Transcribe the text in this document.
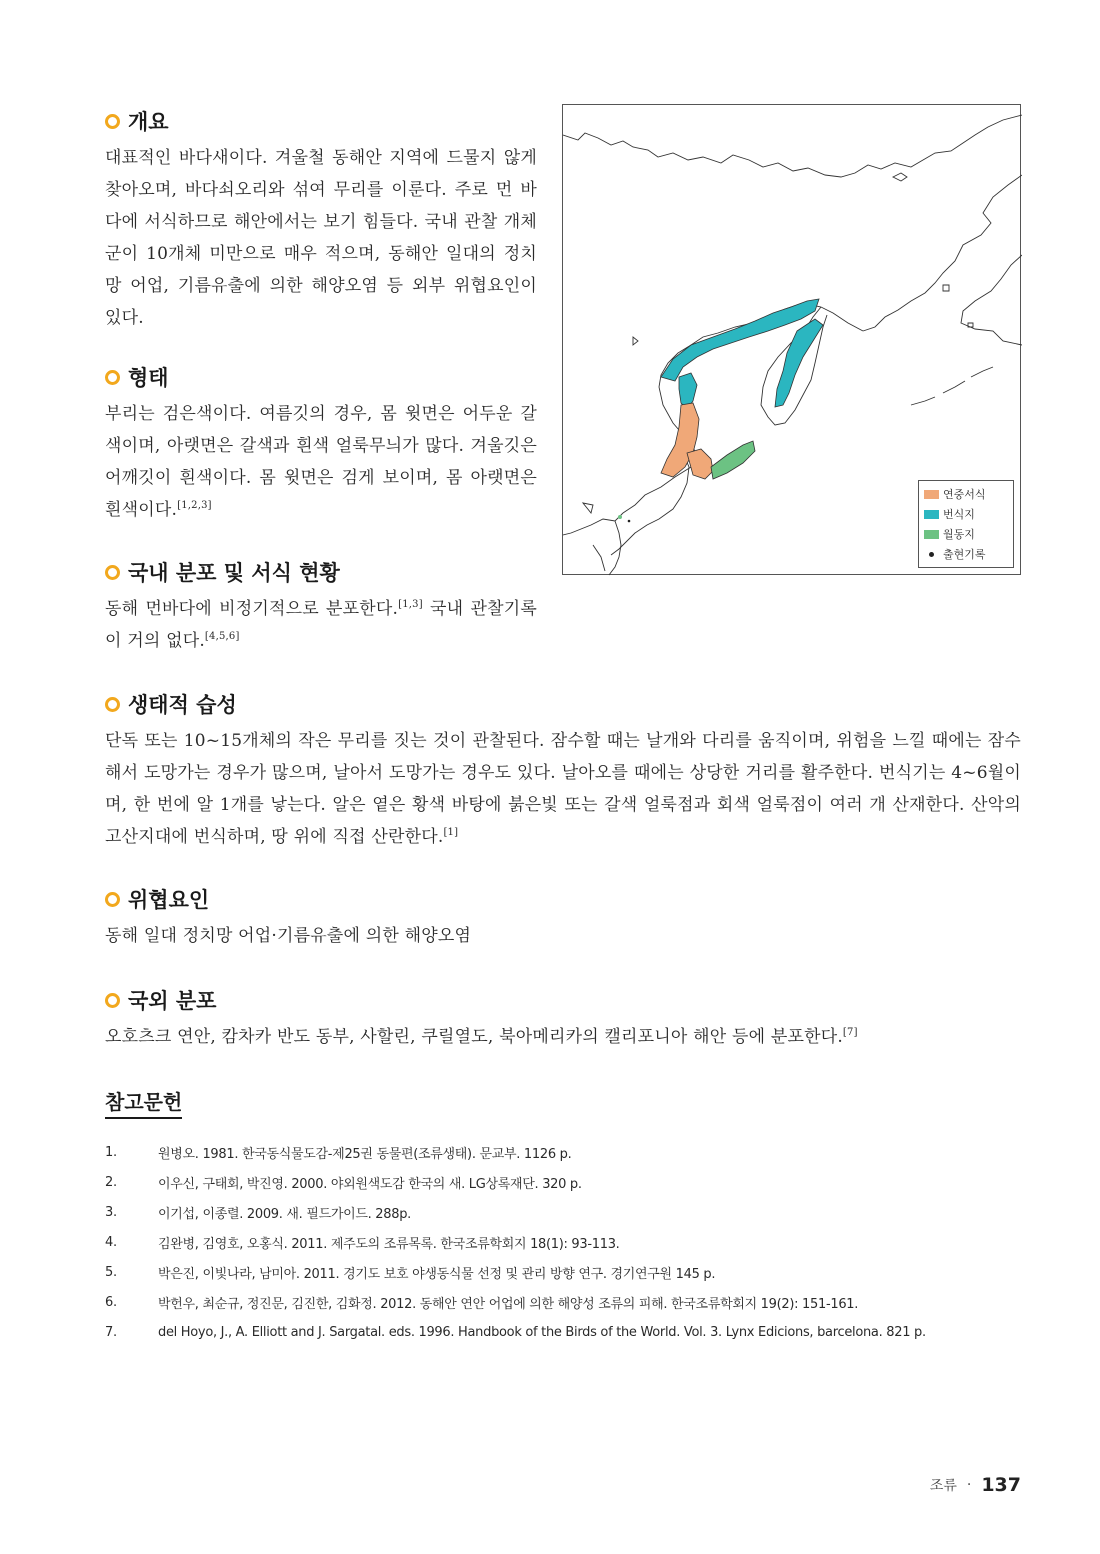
개요

대표적인 바다새이다. 겨울철 동해안 지역에 드물지 않게 찾아오며, 바다쇠오리와 섞여 무리를 이룬다. 주로 먼 바다에 서식하므로 해안에서는 보기 힘들다. 국내 관찰 개체군이 10개체 미만으로 매우 적으며, 동해안 일대의 정치망 어업, 기름유출에 의한 해양오염 등 외부 위협요인이 있다.

연중서식
번식지
월동지
출현기록
형태

부리는 검은색이다. 여름깃의 경우, 몸 윗면은 어두운 갈색이며, 아랫면은 갈색과 흰색 얼룩무늬가 많다. 겨울깃은 어깨깃이 흰색이다. 몸 윗면은 검게 보이며, 몸 아랫면은 흰색이다.[1,2,3]

국내 분포 및 서식 현황

동해 먼바다에 비정기적으로 분포한다.[1,3] 국내 관찰기록이 거의 없다.[4,5,6]

생태적 습성

단독 또는 10~15개체의 작은 무리를 짓는 것이 관찰된다. 잠수할 때는 날개와 다리를 움직이며, 위험을 느낄 때에는 잠수해서 도망가는 경우가 많으며, 날아서 도망가는 경우도 있다. 날아오를 때에는 상당한 거리를 활주한다. 번식기는 4~6월이며, 한 번에 알 1개를 낳는다. 알은 옅은 황색 바탕에 붉은빛 또는 갈색 얼룩점과 회색 얼룩점이 여러 개 산재한다. 산악의 고산지대에 번식하며, 땅 위에 직접 산란한다.[1]

위협요인

동해 일대 정치망 어업·기름유출에 의한 해양오염

국외 분포

오호츠크 연안, 캄차카 반도 동부, 사할린, 쿠릴열도, 북아메리카의 캘리포니아 해안 등에 분포한다.[7]

참고문헌
1.	원병오. 1981. 한국동식물도감-제25권 동물편(조류생태). 문교부. 1126 p.
2.	이우신, 구태회, 박진영. 2000. 야외원색도감 한국의 새. LG상록재단. 320 p.
3.	이기섭, 이종렬. 2009. 새. 필드가이드. 288p.
4.	김완병, 김영호, 오홍식. 2011. 제주도의 조류목록. 한국조류학회지 18(1): 93-113.
5.	박은진, 이빛나라, 남미아. 2011. 경기도 보호 야생동식물 선정 및 관리 방향 연구. 경기연구원 145 p.
6.	박헌우, 최순규, 정진문, 김진한, 김화정. 2012. 동해안 연안 어업에 의한 해양성 조류의 피해. 한국조류학회지 19(2): 151-161.
7.	del Hoyo, J., A. Elliott and J. Sargatal. eds. 1996. Handbook of the Birds of the World. Vol. 3. Lynx Edicions, barcelona. 821 p.
조류 · 137
